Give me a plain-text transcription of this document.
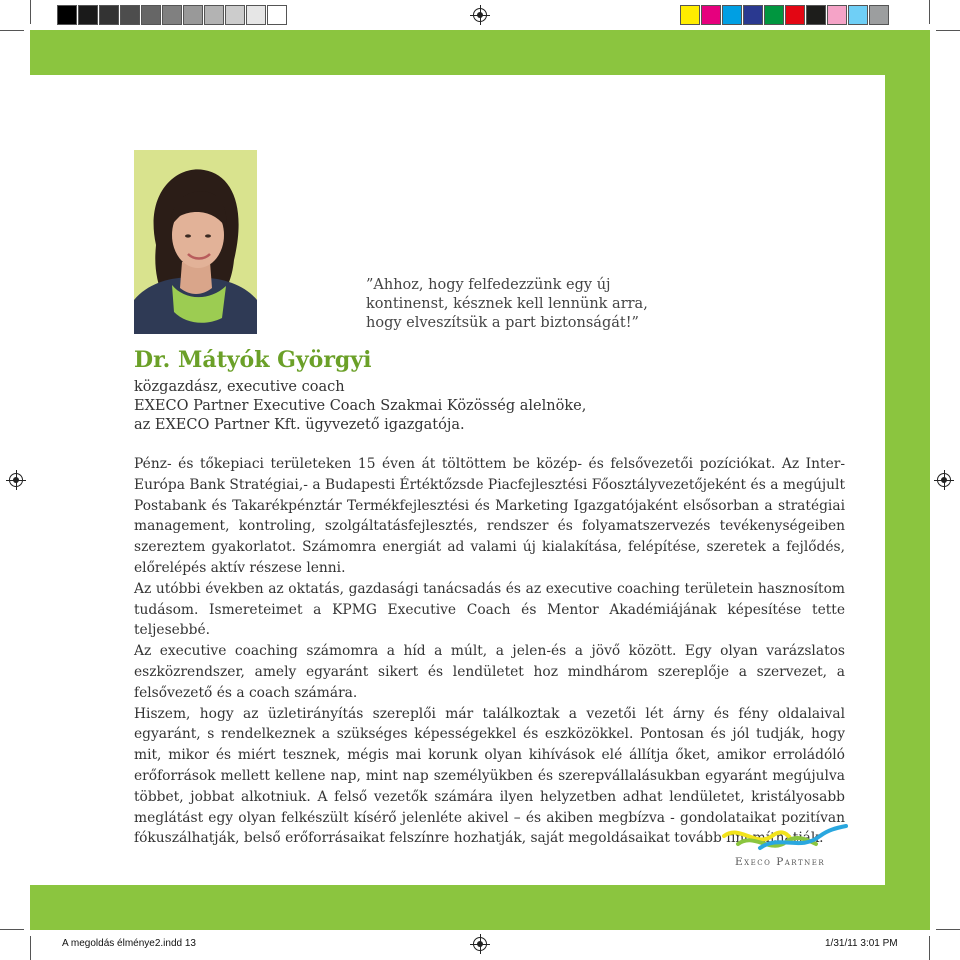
”Ahhoz, hogy felfedezzünk egy új
kontinenst, késznek kell lennünk arra,
hogy elveszítsük a part biztonságát!”
Dr. Mátyók Györgyi
közgazdász, executive coach
EXECO Partner Executive Coach Szakmai Közösség alelnöke,
az EXECO Partner Kft. ügyvezető igazgatója.

Pénz- és tőkepiaci területeken 15 éven át töltöttem be közép- és felsővezetői pozíciókat. Az Inter-Európa Bank Stratégiai,- a Budapesti Értéktőzsde Piacfejlesztési Főosztályvezetőjeként és a megújult Postabank és Takarékpénztár Termékfejlesztési és Marketing Igazgatójaként elsősorban a stratégiai management, kontroling, szolgáltatásfejlesztés, rendszer és folyamatszervezés tevékenységeiben szereztem gyakorlatot. Számomra energiát ad valami új kialakítása, felépítése, szeretek a fejlődés, előrelépés aktív részese lenni.

Az utóbbi években az oktatás, gazdasági tanácsadás és az executive coaching területein hasznosítom tudásom. Ismereteimet a KPMG Executive Coach és Mentor Akadémiájának képesítése tette teljesebbé.

Az executive coaching számomra a híd a múlt, a jelen-és a jövő között. Egy olyan varázslatos eszközrendszer, amely egyaránt sikert és lendületet hoz mindhárom szereplője a szervezet, a felsővezető és a coach számára.

Hiszem, hogy az üzletirányítás szereplői már találkoztak a vezetői lét árny és fény oldalaival egyaránt, s rendelkeznek a szükséges képességekkel és eszközökkel. Pontosan és jól tudják, hogy mit, mikor és miért tesznek, mégis mai korunk olyan kihívások elé állítja őket, amikor erroládóló erőforrások mellett kellene nap, mint nap személyükben és szerepvállalásukban egyaránt megújulva többet, jobbat alkotniuk. A felső vezetők számára ilyen helyzetben adhat lendületet, kristályosabb meglátást egy olyan felkészült kísérő jelenléte akivel – és akiben megbízva - gondolataikat pozitívan fókuszálhatják, belső erőforrásaikat felszínre hozhatják, saját megoldásaikat tovább finomíthatják.

Execo Partner
A megoldás élménye2.indd 13	1/31/11 3:01 PM
